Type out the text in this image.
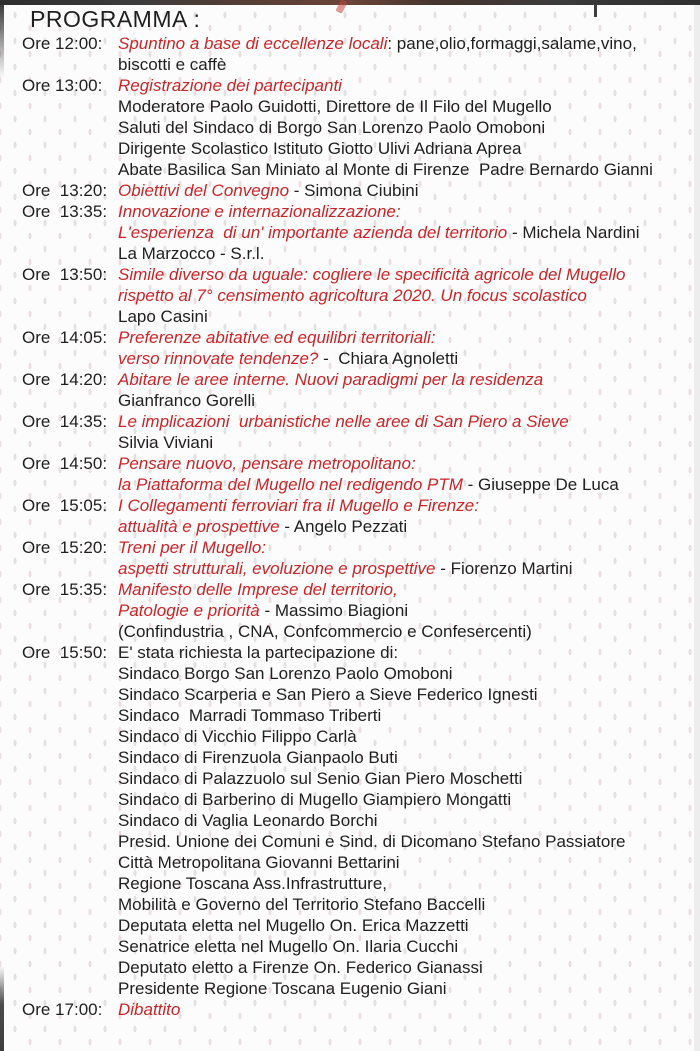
PROGRAMMA :
Ore 12:00: Spuntino a base di eccellenze locali: pane,olio,formaggi,salame,vino,
biscotti e caffè
Ore 13:00: Registrazione dei partecipanti
Moderatore Paolo Guidotti, Direttore de Il Filo del Mugello
Saluti del Sindaco di Borgo San Lorenzo Paolo Omoboni
Dirigente Scolastico Istituto Giotto Ulivi Adriana Aprea
Abate Basilica San Miniato al Monte di Firenze  Padre Bernardo Gianni
Ore  13:20: Obiettivi del Convegno - Simona Ciubini
Ore  13:35: Innovazione e internazionalizzazione:
L'esperienza  di un' importante azienda del territorio - Michela Nardini
La Marzocco - S.r.l.
Ore  13:50: Simile diverso da uguale: cogliere le specificità agricole del Mugello
rispetto al 7° censimento agricoltura 2020. Un focus scolastico
Lapo Casini
Ore  14:05: Preferenze abitative ed equilibri territoriali:
verso rinnovate tendenze? -  Chiara Agnoletti
Ore  14:20: Abitare le aree interne. Nuovi paradigmi per la residenza
Gianfranco Gorelli
Ore  14:35: Le implicazioni  urbanistiche nelle aree di San Piero a Sieve
Silvia Viviani
Ore  14:50: Pensare nuovo, pensare metropolitano:
la Piattaforma del Mugello nel redigendo PTM - Giuseppe De Luca
Ore  15:05: I Collegamenti ferroviari fra il Mugello e Firenze:
attualità e prospettive - Angelo Pezzati
Ore  15:20: Treni per il Mugello:
aspetti strutturali, evoluzione e prospettive - Fiorenzo Martini
Ore  15:35: Manifesto delle Imprese del territorio,
Patologie e priorità - Massimo Biagioni
(Confindustria , CNA, Confcommercio e Confesercenti)
Ore  15:50: E' stata richiesta la partecipazione di:
Sindaco Borgo San Lorenzo Paolo Omoboni
Sindaco Scarperia e San Piero a Sieve Federico Ignesti
Sindaco  Marradi Tommaso Triberti
Sindaco di Vicchio Filippo Carlà
Sindaco di Firenzuola Gianpaolo Buti
Sindaco di Palazzuolo sul Senio Gian Piero Moschetti
Sindaco di Barberino di Mugello Giampiero Mongatti
Sindaco di Vaglia Leonardo Borchi
Presid. Unione dei Comuni e Sind. di Dicomano Stefano Passiatore
Città Metropolitana Giovanni Bettarini
Regione Toscana Ass.Infrastrutture,
Mobilità e Governo del Territorio Stefano Baccelli
Deputata eletta nel Mugello On. Erica Mazzetti
Senatrice eletta nel Mugello On. Ilaria Cucchi
Deputato eletto a Firenze On. Federico Gianassi
Presidente Regione Toscana Eugenio Giani
Ore 17:00: Dibattito
